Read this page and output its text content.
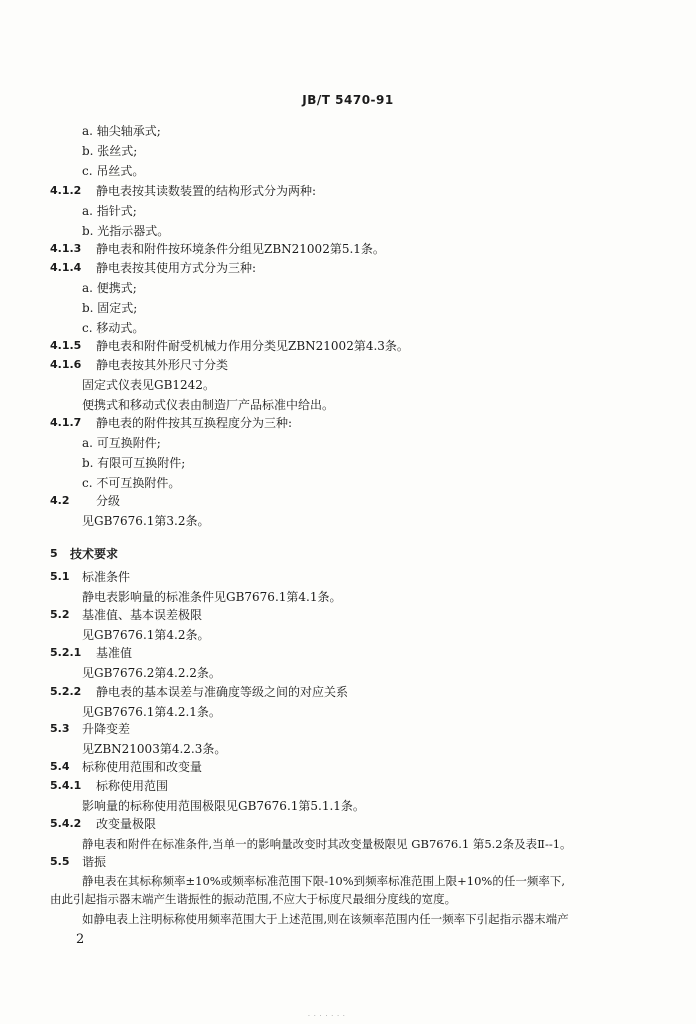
JB/T 5470-91
a. 轴尖轴承式;
b. 张丝式;
c. 吊丝式。
4.1.2 静电表按其读数装置的结构形式分为两种:
a. 指针式;
b. 光指示器式。
4.1.3 静电表和附件按环境条件分组见ZBN21002第5.1条。
4.1.4 静电表按其使用方式分为三种:
a. 便携式;
b. 固定式;
c. 移动式。
4.1.5 静电表和附件耐受机械力作用分类见ZBN21002第4.3条。
4.1.6 静电表按其外形尺寸分类
固定式仪表见GB1242。
便携式和移动式仪表由制造厂产品标准中给出。
4.1.7 静电表的附件按其互换程度分为三种:
a. 可互换附件;
b. 有限可互换附件;
c. 不可互换附件。
4.2 分级
见GB7676.1第3.2条。
5 技术要求
5.1 标准条件
静电表影响量的标准条件见GB7676.1第4.1条。
5.2 基准值、基本误差极限
见GB7676.1第4.2条。
5.2.1 基准值
见GB7676.2第4.2.2条。
5.2.2 静电表的基本误差与准确度等级之间的对应关系
见GB7676.1第4.2.1条。
5.3 升降变差
见ZBN21003第4.2.3条。
5.4 标称使用范围和改变量
5.4.1 标称使用范围
影响量的标称使用范围极限见GB7676.1第5.1.1条。
5.4.2 改变量极限
静电表和附件在标准条件,当单一的影响量改变时其改变量极限见 GB7676.1 第5.2条及表Ⅱ--1。
5.5 谐振
静电表在其标称频率±10%或频率标准范围下限-10%到频率标准范围上限+10%的任一频率下,
由此引起指示器末端产生谐振性的振动范围,不应大于标度尺最细分度线的宽度。
如静电表上注明标称使用频率范围大于上述范围,则在该频率范围内任一频率下引起指示器末端产
2
· · · · · · ·
